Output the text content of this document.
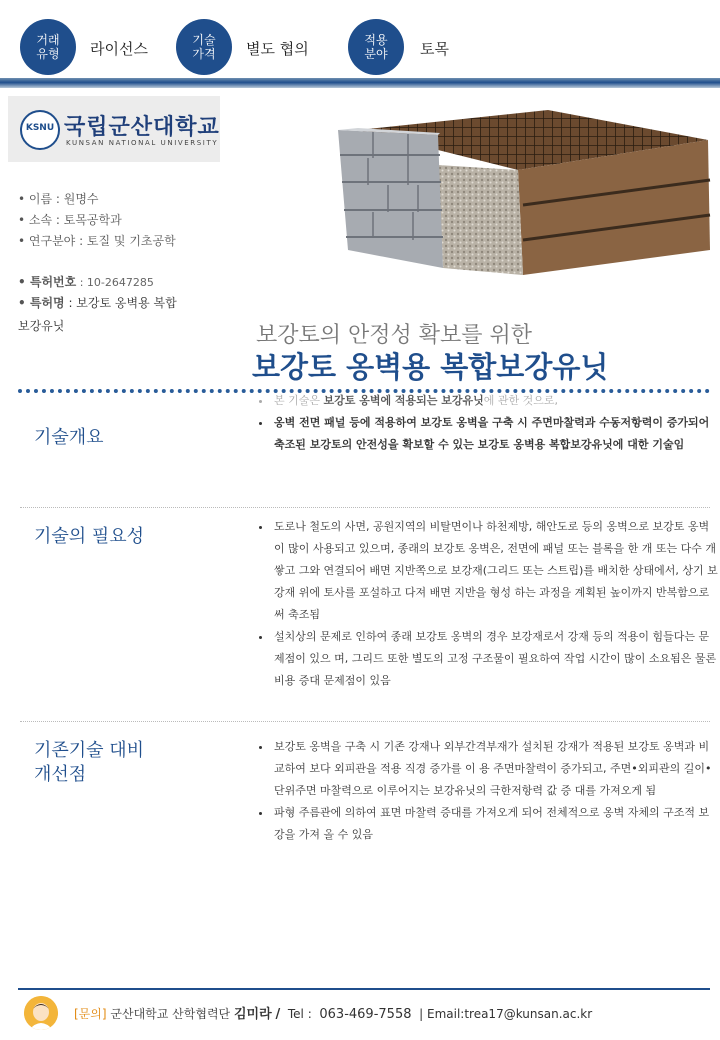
거래
유형	라이선스	기술
가격	별도 협의	적용
분야	토목
KSNU 국립군산대학교
KUNSAN NATIONAL UNIVERSITY
• 이름 : 원명수
• 소속 : 토목공학과
• 연구분야 : 토질 및 기초공학
• 특허번호 : 10-2647285
• 특허명 : 보강토 옹벽용 복합
보강유닛	보강토의 안정성 확보를 위한
보강토 옹벽용 복합보강유닛
기술개요
• 본 기술은 보강토 옹벽에 적용되는 보강유닛에 관한 것으로,
• 옹벽 전면 패널 등에 적용하여 보강토 옹벽을 구축 시 주면마찰력과 수동저항력이 증가되어 축조된 보강토의 안전성을 확보할 수 있는 보강토 옹벽용 복합보강유닛에 대한 기술임
기술의 필요성
•	도로나 철도의 사면, 공원지역의 비탈면이나 하천제방, 해안도로 등의 옹벽으로 보강토 옹벽이 많이 사용되고 있으며, 종래의 보강토 옹벽은, 전면에 패널 또는 블록을 한 개 또는 다수 개 쌓고 그와 연결되어 배면 지반쪽으로 보강재(그리드 또는 스트립)를 배치한 상태에서, 상기 보강재 위에 토사를 포설하고 다져 배면 지반을 형성 하는 과정을 계획된 높이까지 반복함으로써 축조됨
• 설치상의 문제로 인하여 종래 보강토 옹벽의 경우 보강재로서 강재 등의 적용이 힘들다는 문제점이 있으 며, 그리드 또한 별도의 고정 구조물이 필요하여 작업 시간이 많이 소요됨은 물론 비용 증대 문제점이 있음
기존기술 대비
개선점
• 보강토 옹벽을 구축 시 기존 강재나 외부간격부재가 설치된 강재가 적용된 보강토 옹벽과 비교하여 보다 외피관을 적용 직경 증가를 이 용 주면마찰력이 증가되고, 주면•외피관의 길이•단위주면 마찰력으로 이루어지는 보강유닛의 극한저항력 값 증 대를 가져오게 됨
• 파형 주름관에 의하여 표면 마찰력 증대를 가져오게 되어 전체적으로 옹벽 자체의 구조적 보강을 가져 올 수 있음
[문의] 군산대학교 산학협력단 김미라 / Tel : 063-469-7558 | Email:trea17@kunsan.ac.kr
